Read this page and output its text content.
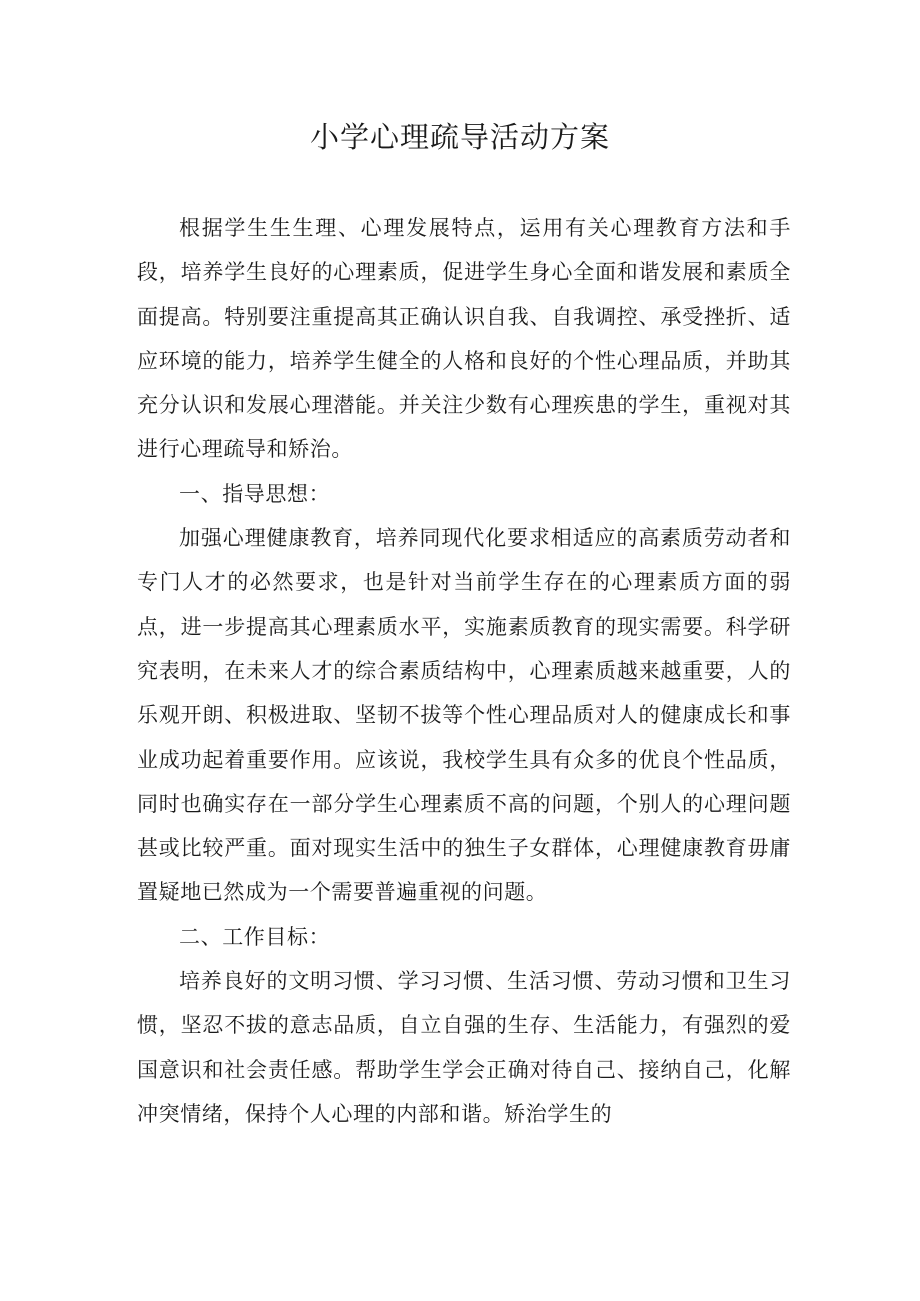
小学心理疏导活动方案

根据学生生生理、心理发展特点，运用有关心理教育方法和手段，培养学生良好的心理素质，促进学生身心全面和谐发展和素质全面提高。特别要注重提高其正确认识自我、自我调控、承受挫折、适应环境的能力，培养学生健全的人格和良好的个性心理品质，并助其充分认识和发展心理潜能。并关注少数有心理疾患的学生，重视对其进行心理疏导和矫治。

一、指导思想：

加强心理健康教育，培养同现代化要求相适应的高素质劳动者和专门人才的必然要求，也是针对当前学生存在的心理素质方面的弱点，进一步提高其心理素质水平，实施素质教育的现实需要。科学研究表明，在未来人才的综合素质结构中，心理素质越来越重要，人的乐观开朗、积极进取、坚韧不拔等个性心理品质对人的健康成长和事业成功起着重要作用。应该说，我校学生具有众多的优良个性品质，同时也确实存在一部分学生心理素质不高的问题，个别人的心理问题甚或比较严重。面对现实生活中的独生子女群体，心理健康教育毋庸置疑地已然成为一个需要普遍重视的问题。

二、工作目标：

培养良好的文明习惯、学习习惯、生活习惯、劳动习惯和卫生习惯，坚忍不拔的意志品质，自立自强的生存、生活能力，有强烈的爱国意识和社会责任感。帮助学生学会正确对待自己、接纳自己，化解冲突情绪，保持个人心理的内部和谐。矫治学生的
